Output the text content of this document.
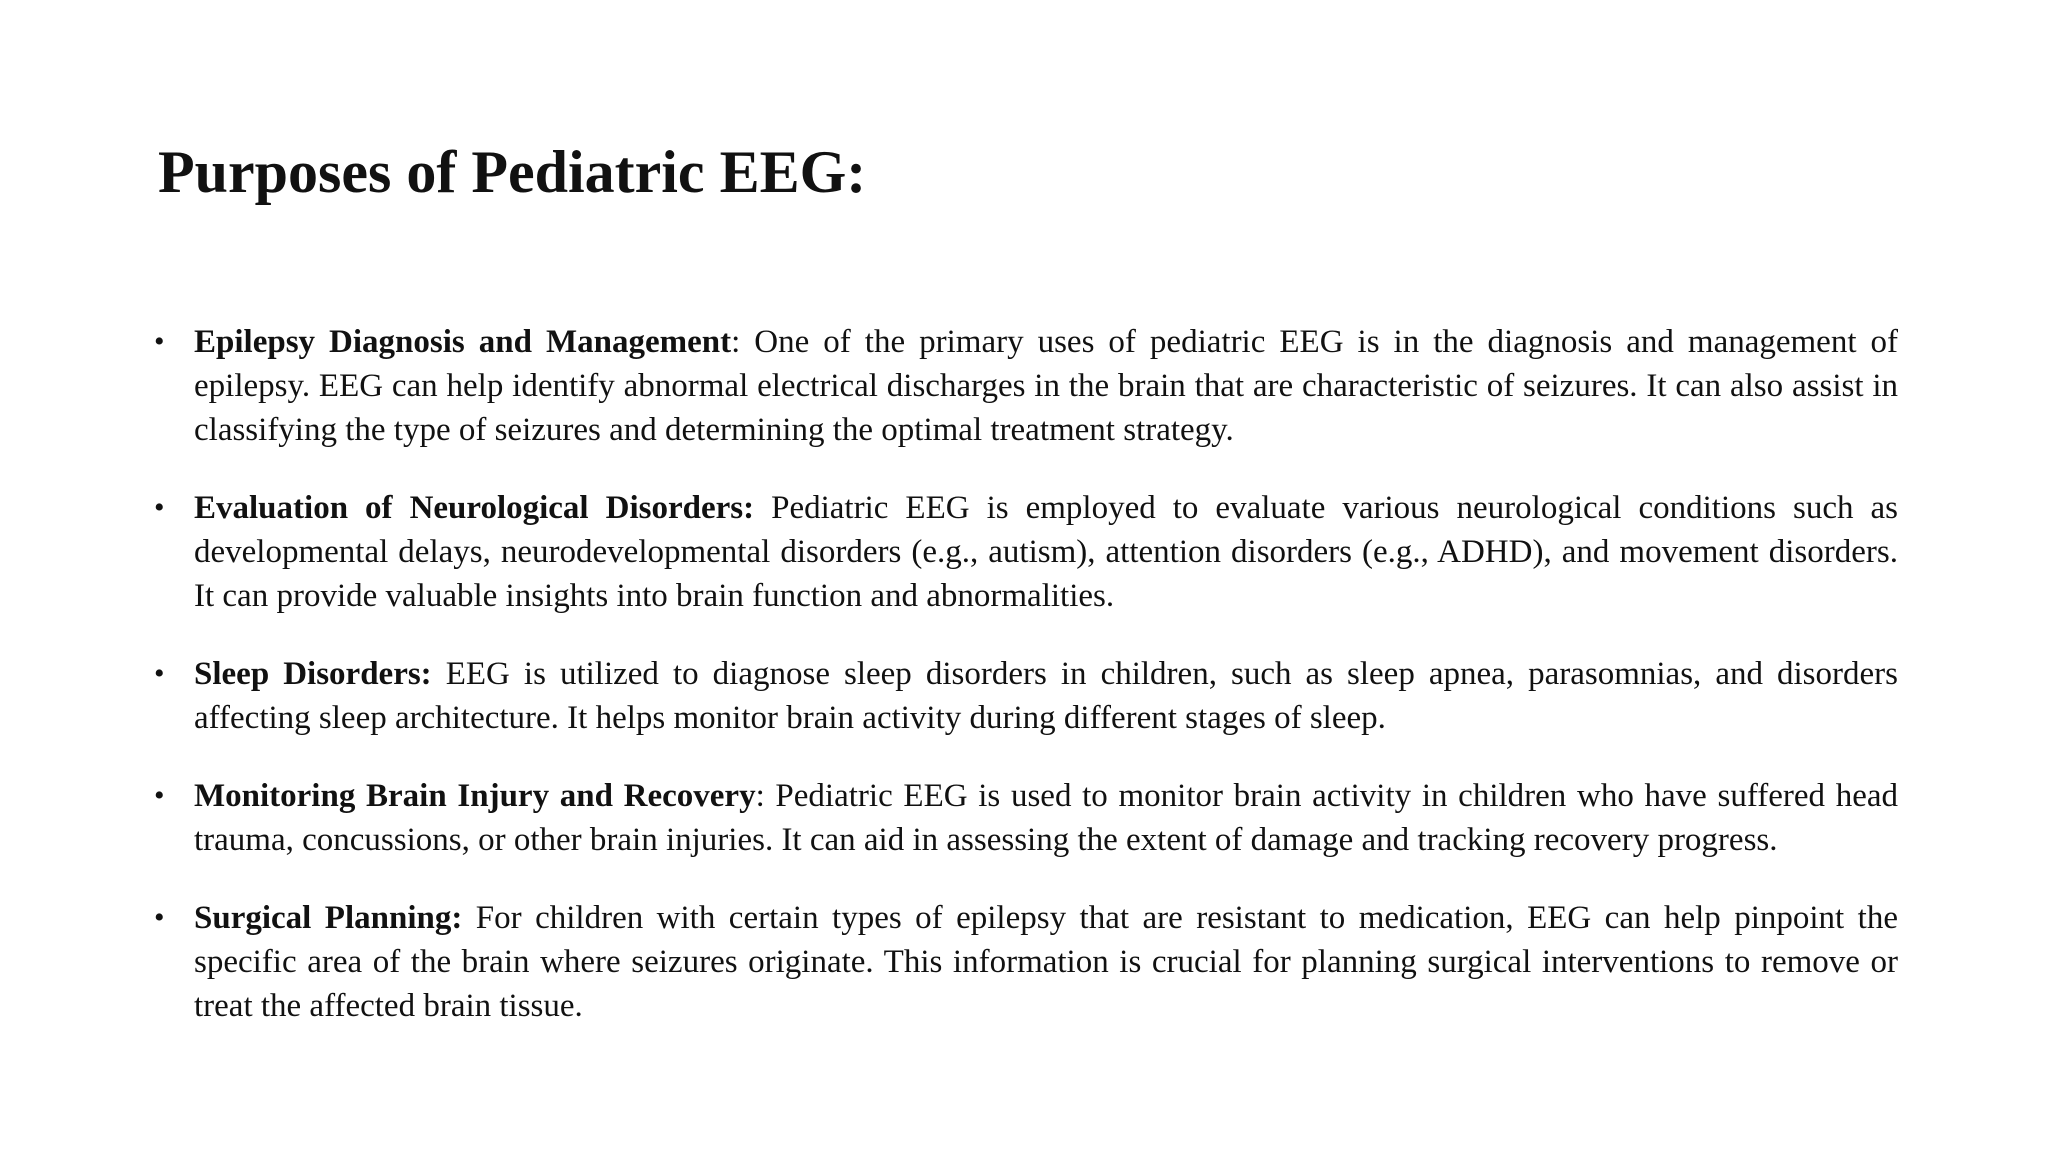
Purposes of Pediatric EEG:
• Epilepsy Diagnosis and Management: One of the primary uses of pediatric EEG is in the diagnosis and management of epilepsy. EEG can help identify abnormal electrical discharges in the brain that are characteristic of seizures. It can also assist in classifying the type of seizures and determining the optimal treatment strategy.
• Evaluation of Neurological Disorders: Pediatric EEG is employed to evaluate various neurological conditions such as developmental delays, neurodevelopmental disorders (e.g., autism), attention disorders (e.g., ADHD), and movement disorders. It can provide valuable insights into brain function and abnormalities.
• Sleep Disorders: EEG is utilized to diagnose sleep disorders in children, such as sleep apnea, parasomnias, and disorders affecting sleep architecture. It helps monitor brain activity during different stages of sleep.
• Monitoring Brain Injury and Recovery: Pediatric EEG is used to monitor brain activity in children who have suffered head trauma, concussions, or other brain injuries. It can aid in assessing the extent of damage and tracking recovery progress.
• Surgical Planning: For children with certain types of epilepsy that are resistant to medication, EEG can help pinpoint the specific area of the brain where seizures originate. This information is crucial for planning surgical interventions to remove or treat the affected brain tissue.
